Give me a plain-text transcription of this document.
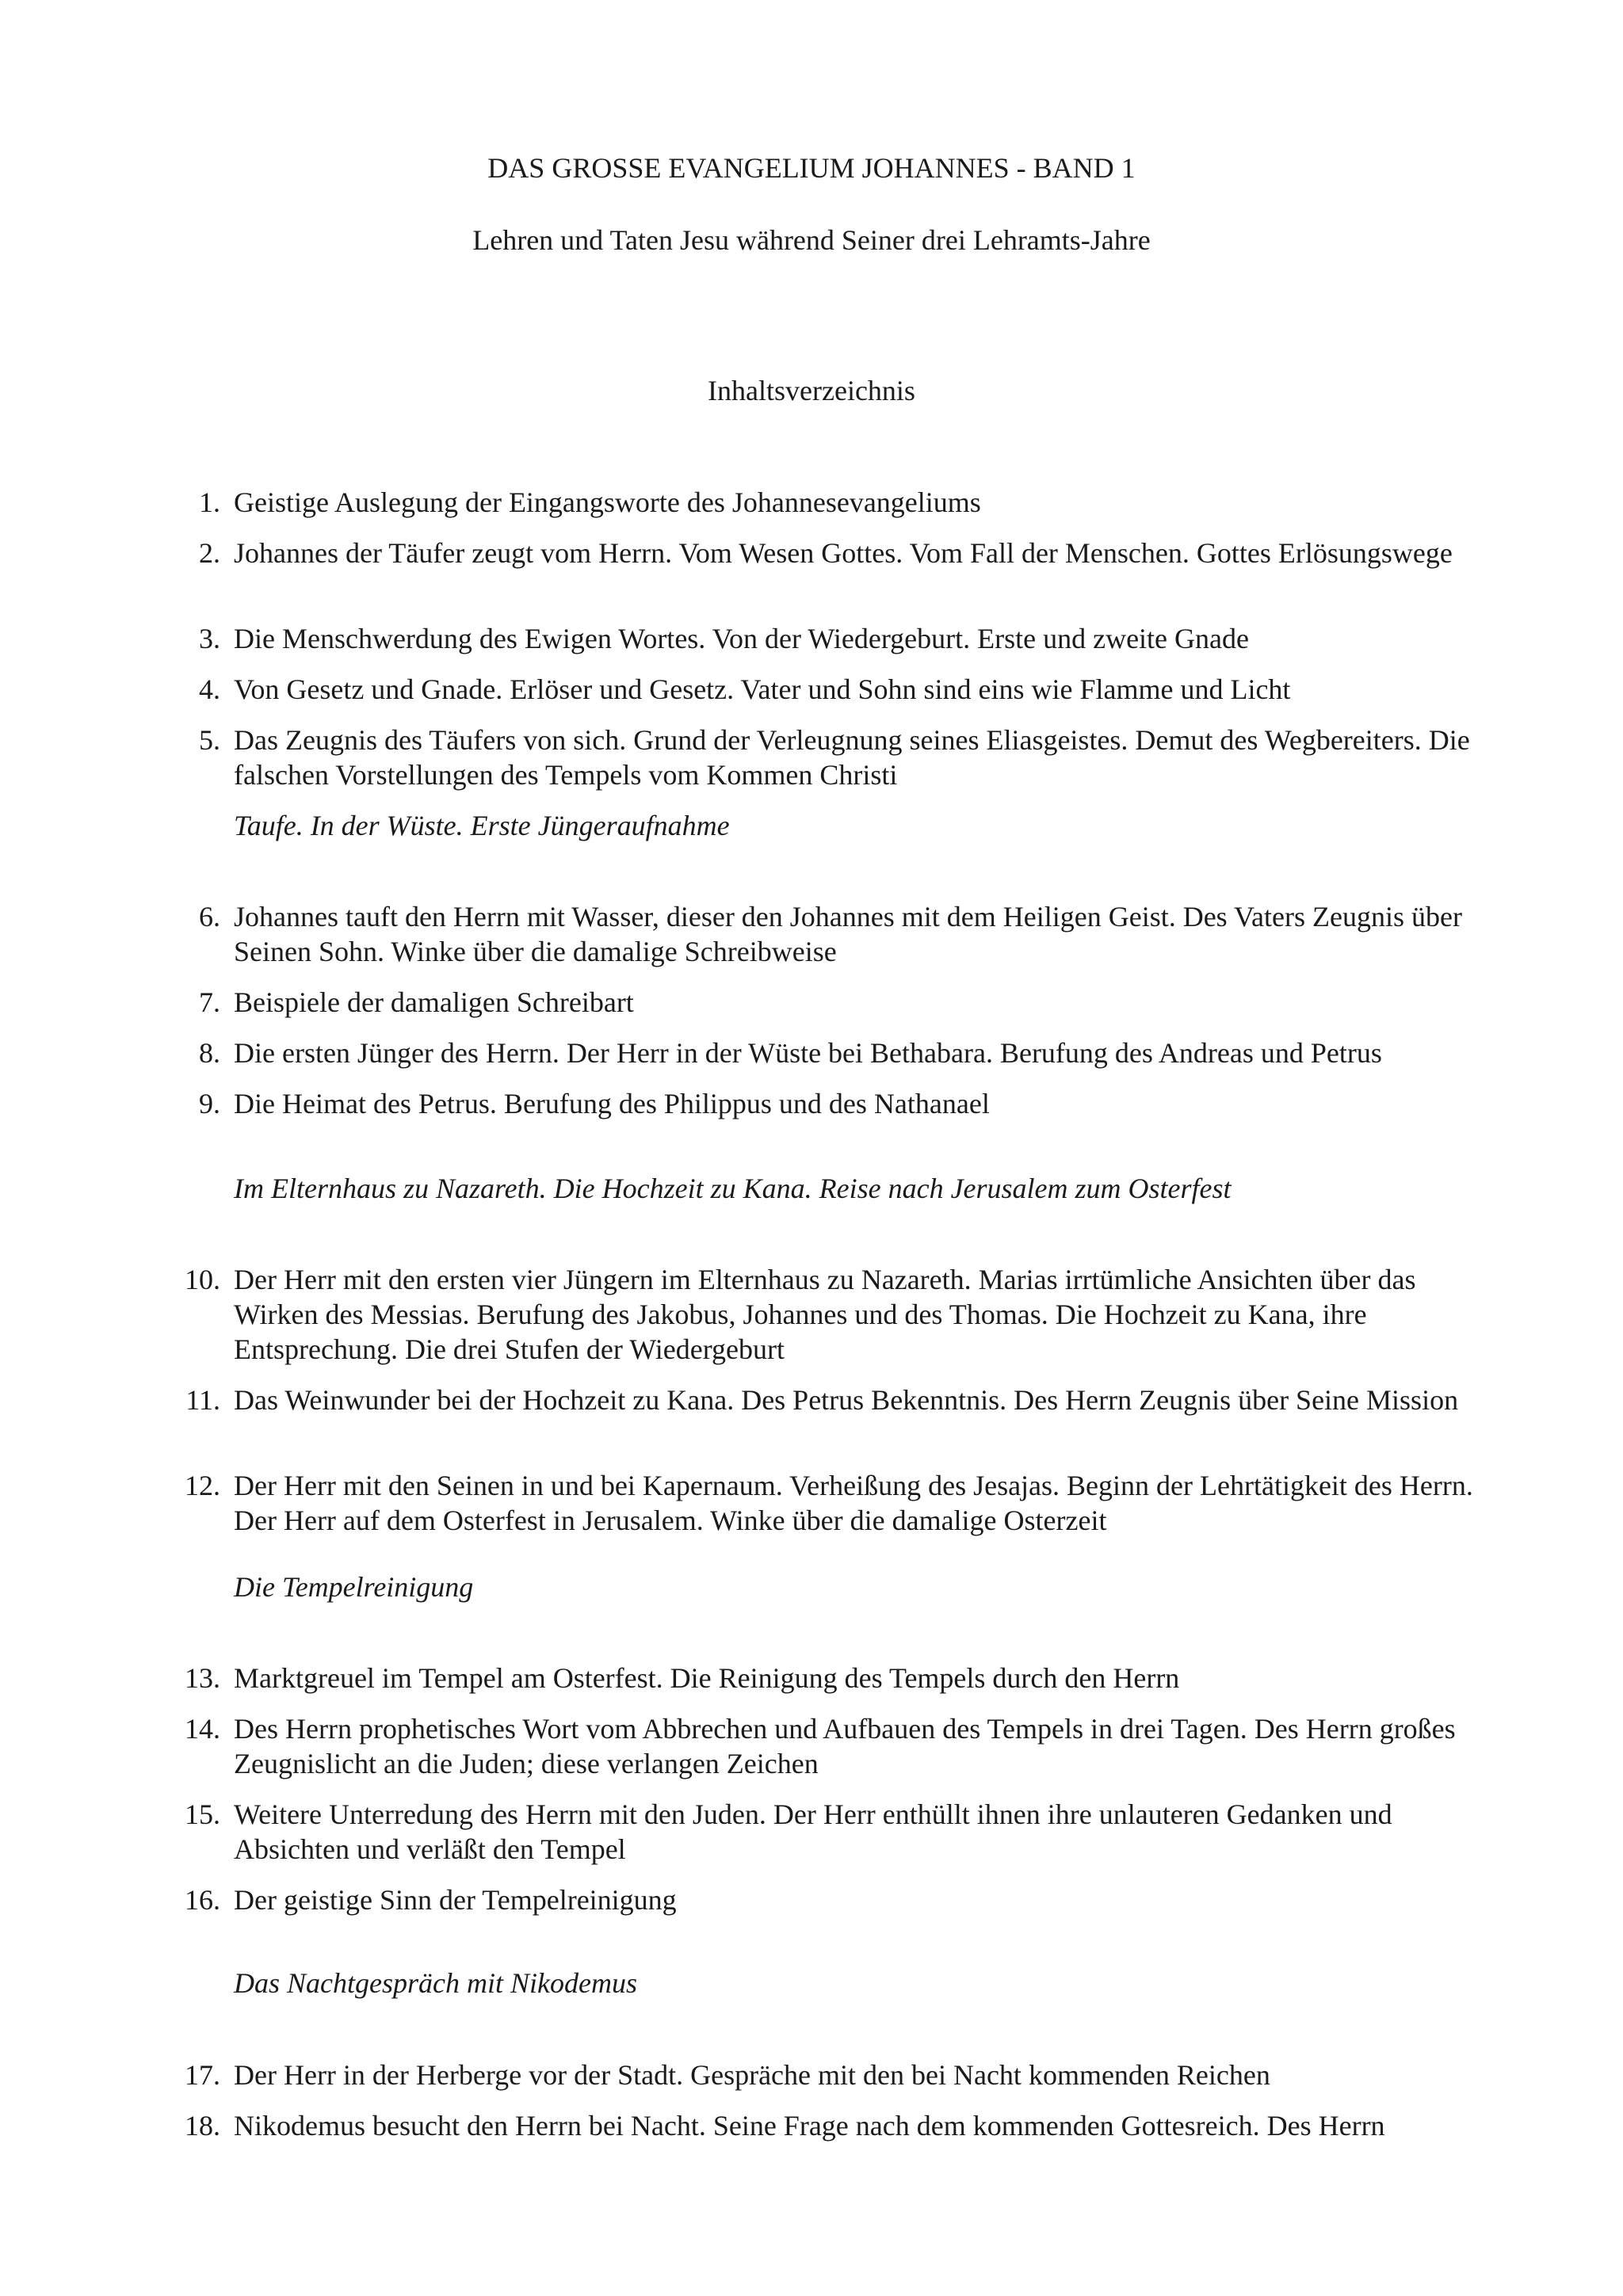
DAS GROSSE EVANGELIUM JOHANNES - BAND 1
Lehren und Taten Jesu während Seiner drei Lehramts-Jahre
Inhaltsverzeichnis
1. Geistige Auslegung der Eingangsworte des Johannesevangeliums
2. Johannes der Täufer zeugt vom Herrn. Vom Wesen Gottes. Vom Fall der Menschen. Gottes Erlösungswege
3. Die Menschwerdung des Ewigen Wortes. Von der Wiedergeburt. Erste und zweite Gnade
4. Von Gesetz und Gnade. Erlöser und Gesetz. Vater und Sohn sind eins wie Flamme und Licht
5. Das Zeugnis des Täufers von sich. Grund der Verleugnung seines Eliasgeistes. Demut des Wegbereiters. Die falschen Vorstellungen des Tempels vom Kommen Christi
Taufe. In der Wüste. Erste Jüngeraufnahme
6. Johannes tauft den Herrn mit Wasser, dieser den Johannes mit dem Heiligen Geist. Des Vaters Zeugnis über Seinen Sohn. Winke über die damalige Schreibweise
7. Beispiele der damaligen Schreibart
8. Die ersten Jünger des Herrn. Der Herr in der Wüste bei Bethabara. Berufung des Andreas und Petrus
9. Die Heimat des Petrus. Berufung des Philippus und des Nathanael
Im Elternhaus zu Nazareth. Die Hochzeit zu Kana. Reise nach Jerusalem zum Osterfest
10. Der Herr mit den ersten vier Jüngern im Elternhaus zu Nazareth. Marias irrtümliche Ansichten über das Wirken des Messias. Berufung des Jakobus, Johannes und des Thomas. Die Hochzeit zu Kana, ihre Entsprechung. Die drei Stufen der Wiedergeburt
11. Das Weinwunder bei der Hochzeit zu Kana. Des Petrus Bekenntnis. Des Herrn Zeugnis über Seine Mission
12. Der Herr mit den Seinen in und bei Kapernaum. Verheißung des Jesajas. Beginn der Lehrtätigkeit des Herrn. Der Herr auf dem Osterfest in Jerusalem. Winke über die damalige Osterzeit
Die Tempelreinigung
13. Marktgreuel im Tempel am Osterfest. Die Reinigung des Tempels durch den Herrn
14. Des Herrn prophetisches Wort vom Abbrechen und Aufbauen des Tempels in drei Tagen. Des Herrn großes Zeugnislicht an die Juden; diese verlangen Zeichen
15. Weitere Unterredung des Herrn mit den Juden. Der Herr enthüllt ihnen ihre unlauteren Gedanken und Absichten und verläßt den Tempel
16. Der geistige Sinn der Tempelreinigung
Das Nachtgespräch mit Nikodemus
17. Der Herr in der Herberge vor der Stadt. Gespräche mit den bei Nacht kommenden Reichen
18. Nikodemus besucht den Herrn bei Nacht. Seine Frage nach dem kommenden Gottesreich. Des Herrn
